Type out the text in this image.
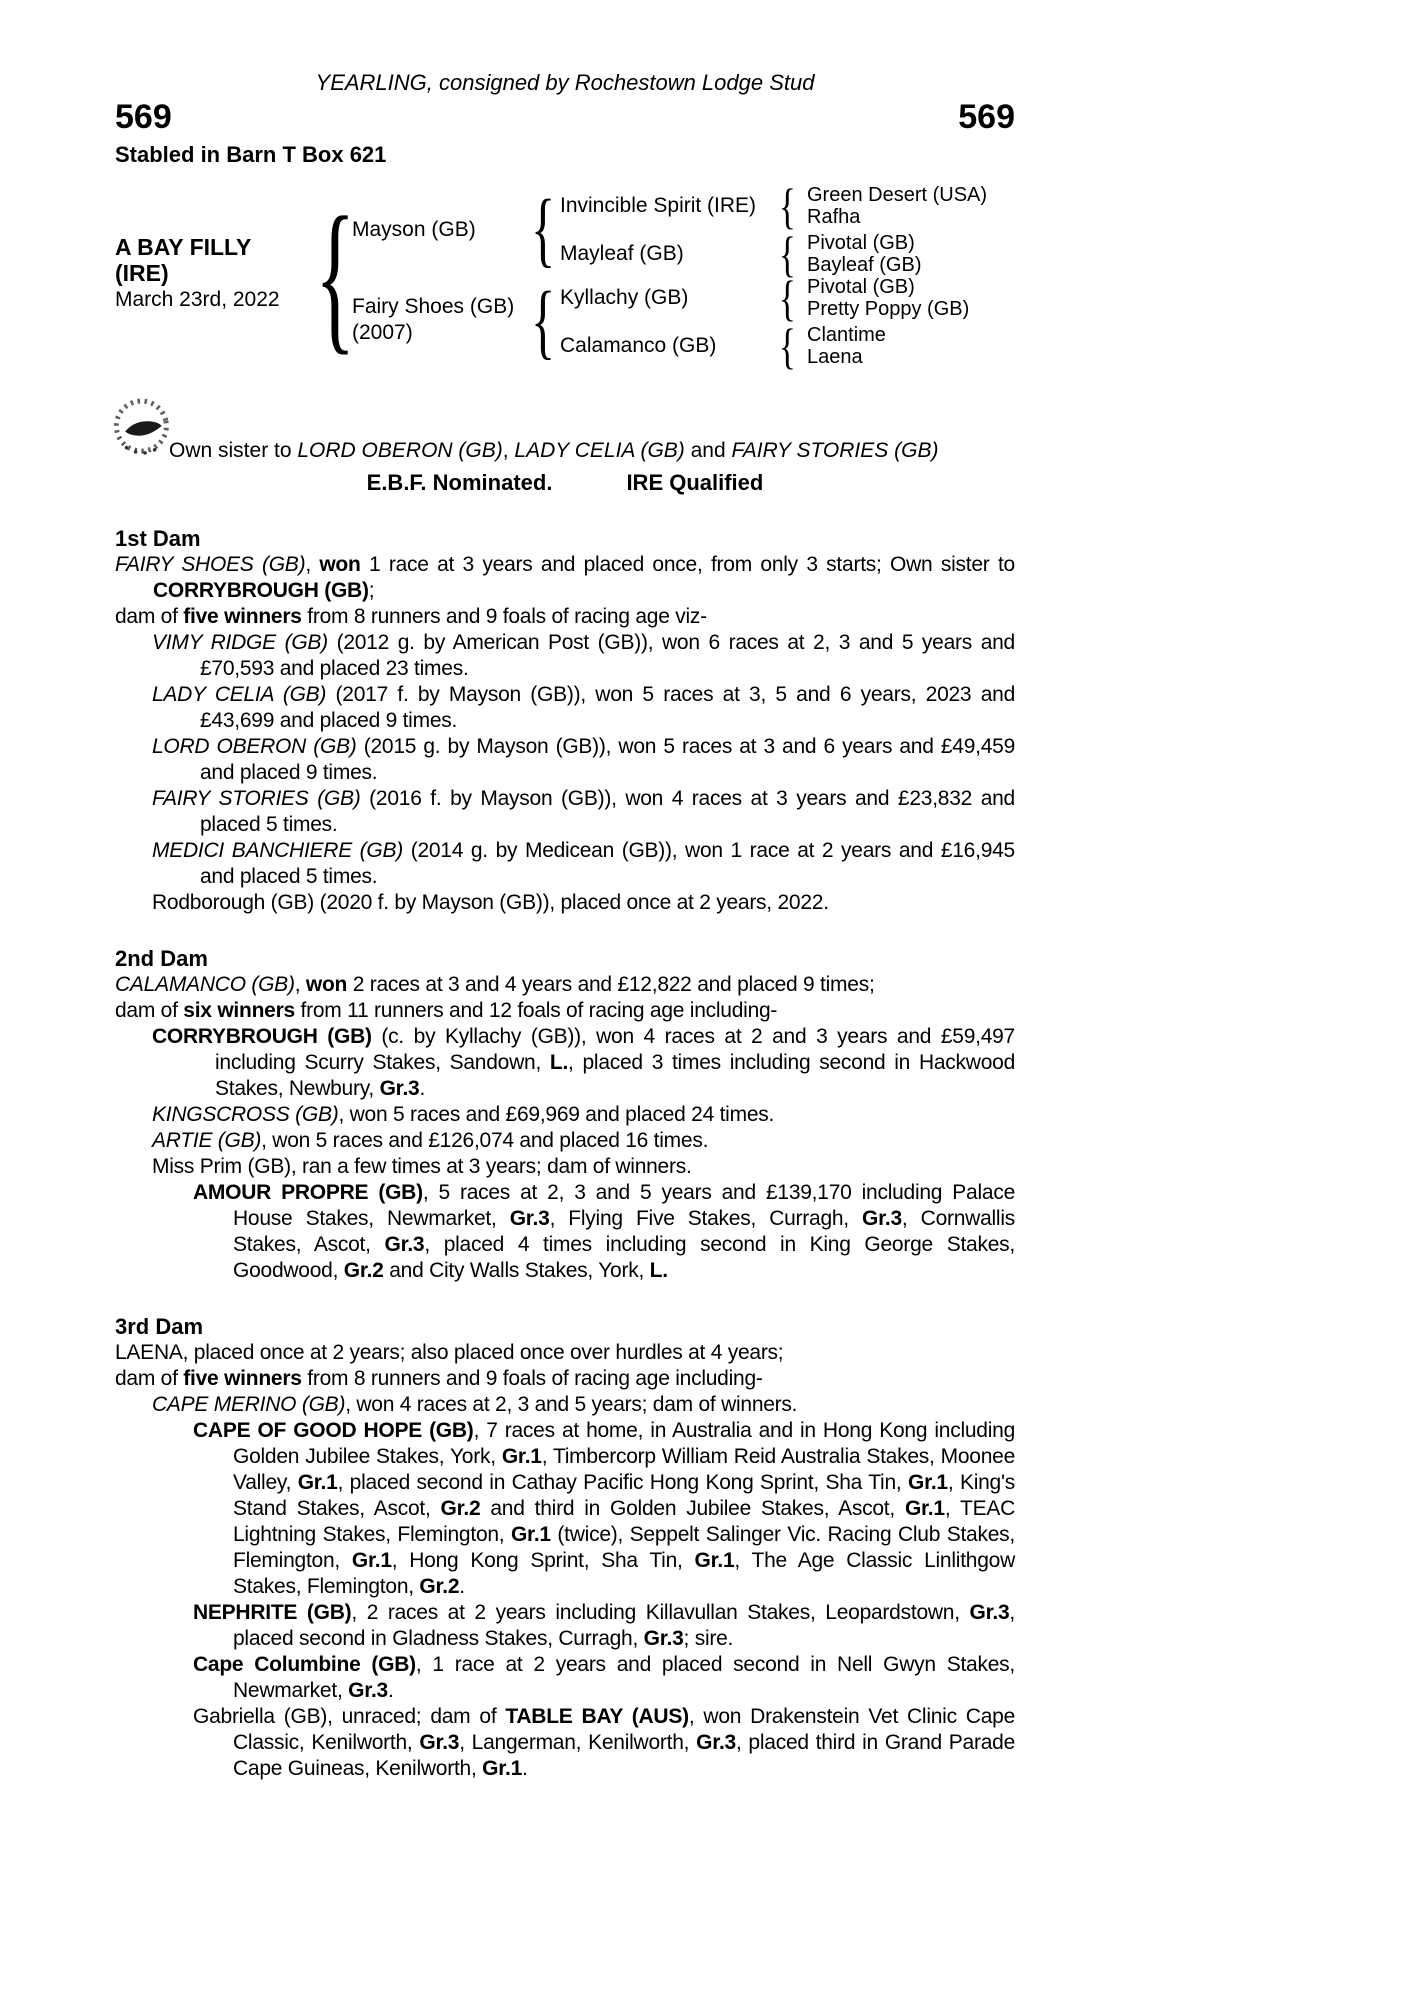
YEARLING, consigned by Rochestown Lodge Stud
569	569
Stabled in Barn T Box 621
A BAY FILLY
(IRE)
March 23rd, 2022
{
{
{
{
{
{
{
Mayson (GB)
Fairy Shoes (GB)
(2007)
Invincible Spirit (IRE)
Mayleaf (GB)
Kyllachy (GB)
Calamanco (GB)
Green Desert (USA)
Rafha
Pivotal (GB)
Bayleaf (GB)
Pivotal (GB)
Pretty Poppy (GB)
Clantime
Laena
Own sister to LORD OBERON (GB), LADY CELIA (GB) and FAIRY STORIES (GB)
E.B.F. Nominated.	IRE Qualified
1st Dam

FAIRY SHOES (GB), won 1 race at 3 years and placed once, from only 3 starts; Own sister to CORRYBROUGH (GB);

dam of five winners from 8 runners and 9 foals of racing age viz-

VIMY RIDGE (GB) (2012 g. by American Post (GB)), won 6 races at 2, 3 and 5 years and £70,593 and placed 23 times.

LADY CELIA (GB) (2017 f. by Mayson (GB)), won 5 races at 3, 5 and 6 years, 2023 and £43,699 and placed 9 times.

LORD OBERON (GB) (2015 g. by Mayson (GB)), won 5 races at 3 and 6 years and £49,459 and placed 9 times.

FAIRY STORIES (GB) (2016 f. by Mayson (GB)), won 4 races at 3 years and £23,832 and placed 5 times.

MEDICI BANCHIERE (GB) (2014 g. by Medicean (GB)), won 1 race at 2 years and £16,945 and placed 5 times.

Rodborough (GB) (2020 f. by Mayson (GB)), placed once at 2 years, 2022.

2nd Dam

CALAMANCO (GB), won 2 races at 3 and 4 years and £12,822 and placed 9 times;

dam of six winners from 11 runners and 12 foals of racing age including-

CORRYBROUGH (GB) (c. by Kyllachy (GB)), won 4 races at 2 and 3 years and £59,497 including Scurry Stakes, Sandown, L., placed 3 times including second in Hackwood Stakes, Newbury, Gr.3.

KINGSCROSS (GB), won 5 races and £69,969 and placed 24 times.

ARTIE (GB), won 5 races and £126,074 and placed 16 times.

Miss Prim (GB), ran a few times at 3 years; dam of winners.

AMOUR PROPRE (GB), 5 races at 2, 3 and 5 years and £139,170 including Palace House Stakes, Newmarket, Gr.3, Flying Five Stakes, Curragh, Gr.3, Cornwallis Stakes, Ascot, Gr.3, placed 4 times including second in King George Stakes, Goodwood, Gr.2 and City Walls Stakes, York, L.

3rd Dam

LAENA, placed once at 2 years; also placed once over hurdles at 4 years;

dam of five winners from 8 runners and 9 foals of racing age including-

CAPE MERINO (GB), won 4 races at 2, 3 and 5 years; dam of winners.

CAPE OF GOOD HOPE (GB), 7 races at home, in Australia and in Hong Kong including Golden Jubilee Stakes, York, Gr.1, Timbercorp William Reid Australia Stakes, Moonee Valley, Gr.1, placed second in Cathay Pacific Hong Kong Sprint, Sha Tin, Gr.1, King's Stand Stakes, Ascot, Gr.2 and third in Golden Jubilee Stakes, Ascot, Gr.1, TEAC Lightning Stakes, Flemington, Gr.1 (twice), Seppelt Salinger Vic. Racing Club Stakes, Flemington, Gr.1, Hong Kong Sprint, Sha Tin, Gr.1, The Age Classic Linlithgow Stakes, Flemington, Gr.2.

NEPHRITE (GB), 2 races at 2 years including Killavullan Stakes, Leopardstown, Gr.3, placed second in Gladness Stakes, Curragh, Gr.3; sire.

Cape Columbine (GB), 1 race at 2 years and placed second in Nell Gwyn Stakes, Newmarket, Gr.3.

Gabriella (GB), unraced; dam of TABLE BAY (AUS), won Drakenstein Vet Clinic Cape Classic, Kenilworth, Gr.3, Langerman, Kenilworth, Gr.3, placed third in Grand Parade Cape Guineas, Kenilworth, Gr.1.
